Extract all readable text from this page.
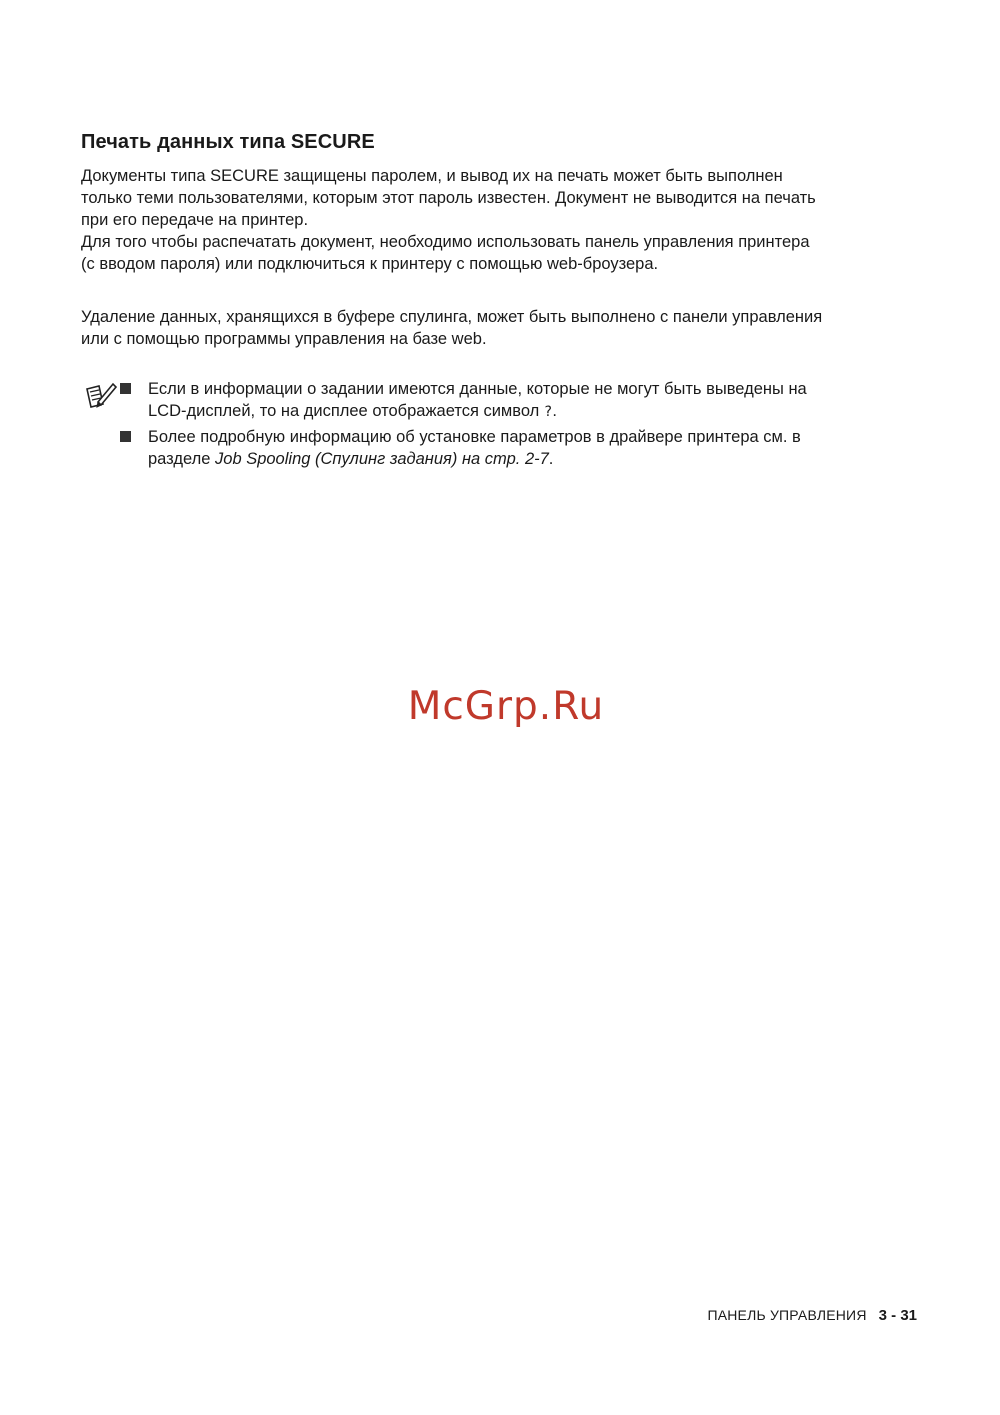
Печать данных типа SECURE

Документы типа SECURE защищены паролем, и вывод их на печать может быть выполнен
только теми пользователями, которым этот пароль известен. Документ не выводится на печать
при его передаче на принтер.
Для того чтобы распечатать документ, необходимо использовать панель управления принтера
(с вводом пароля) или подключиться к принтеру с помощью web-броузера.

Удаление данных, хранящихся в буфере спулинга, может быть выполнено с панели управления
или с помощью программы управления на базе web.

Если в информации о задании имеются данные, которые не могут быть выведены на
LCD-дисплей, то на дисплее отображается символ ?.
Более подробную информацию об установке параметров в драйвере принтера см. в
разделе Job Spooling (Спулинг задания) на стр. 2-7.
McGrp.Ru
ПАНЕЛЬ УПРАВЛЕНИЯ 3 - 31
